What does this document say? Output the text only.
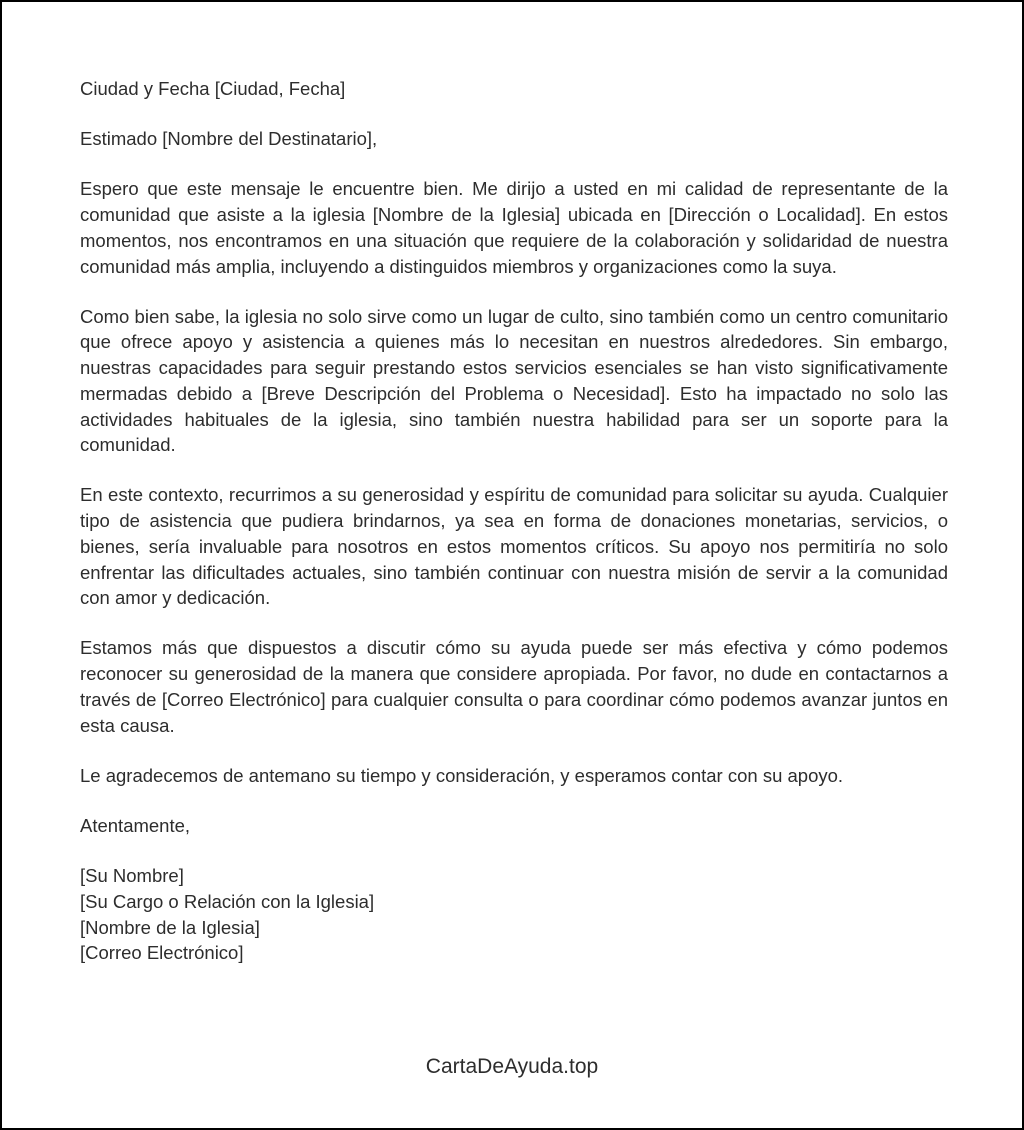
Ciudad y Fecha [Ciudad, Fecha]

Estimado [Nombre del Destinatario],

Espero que este mensaje le encuentre bien. Me dirijo a usted en mi calidad de representante de la comunidad que asiste a la iglesia [Nombre de la Iglesia] ubicada en [Dirección o Localidad]. En estos momentos, nos encontramos en una situación que requiere de la colaboración y solidaridad de nuestra comunidad más amplia, incluyendo a distinguidos miembros y organizaciones como la suya.

Como bien sabe, la iglesia no solo sirve como un lugar de culto, sino también como un centro comunitario que ofrece apoyo y asistencia a quienes más lo necesitan en nuestros alrededores. Sin embargo, nuestras capacidades para seguir prestando estos servicios esenciales se han visto significativamente mermadas debido a [Breve Descripción del Problema o Necesidad]. Esto ha impactado no solo las actividades habituales de la iglesia, sino también nuestra habilidad para ser un soporte para la comunidad.

En este contexto, recurrimos a su generosidad y espíritu de comunidad para solicitar su ayuda. Cualquier tipo de asistencia que pudiera brindarnos, ya sea en forma de donaciones monetarias, servicios, o bienes, sería invaluable para nosotros en estos momentos críticos. Su apoyo nos permitiría no solo enfrentar las dificultades actuales, sino también continuar con nuestra misión de servir a la comunidad con amor y dedicación.

Estamos más que dispuestos a discutir cómo su ayuda puede ser más efectiva y cómo podemos reconocer su generosidad de la manera que considere apropiada. Por favor, no dude en contactarnos a través de [Correo Electrónico] para cualquier consulta o para coordinar cómo podemos avanzar juntos en esta causa.

Le agradecemos de antemano su tiempo y consideración, y esperamos contar con su apoyo.

Atentamente,

[Su Nombre]
[Su Cargo o Relación con la Iglesia]
[Nombre de la Iglesia]
[Correo Electrónico]
CartaDeAyuda.top
